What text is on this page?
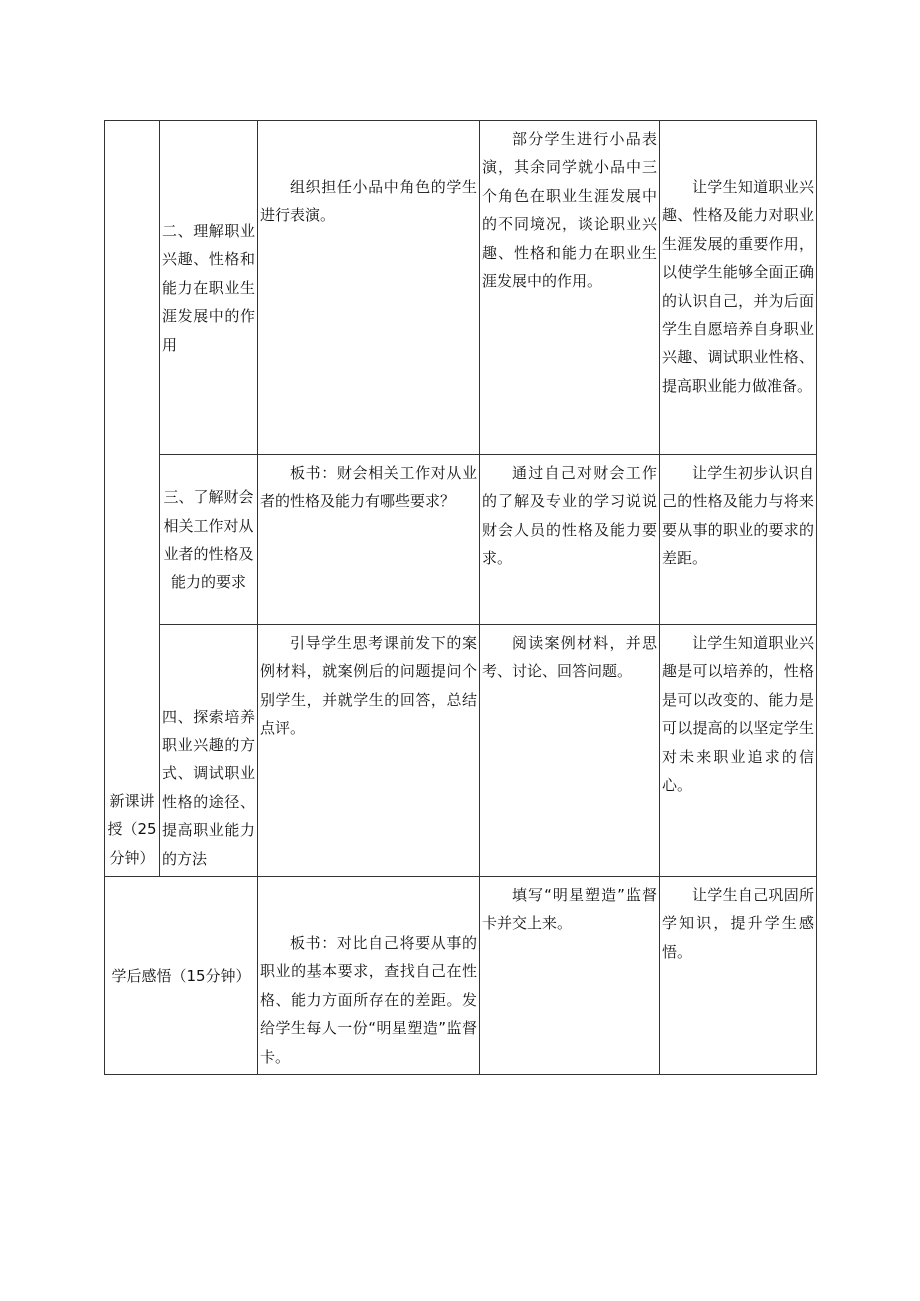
新课讲授（25分钟）	二、理解职业兴趣、性格和能力在职业生涯发展中的作用	组织担任小品中角色的学生进行表演。	部分学生进行小品表演，其余同学就小品中三个角色在职业生涯发展中的不同境况，谈论职业兴趣、性格和能力在职业生涯发展中的作用。	让学生知道职业兴趣、性格及能力对职业生涯发展的重要作用，以使学生能够全面正确的认识自己，并为后面学生自愿培养自身职业兴趣、调试职业性格、提高职业能力做准备。

	三、了解财会相关工作对从业者的性格及能力的要求	板书：财会相关工作对从业者的性格及能力有哪些要求？	通过自己对财会工作的了解及专业的学习说说财会人员的性格及能力要求。	让学生初步认识自己的性格及能力与将来要从事的职业的要求的差距。

	四、探索培养职业兴趣的方式、调试职业性格的途径、提高职业能力的方法	引导学生思考课前发下的案例材料，就案例后的问题提问个别学生，并就学生的回答，总结点评。	阅读案例材料，并思考、讨论、回答问题。	让学生知道职业兴趣是可以培养的，性格是可以改变的、能力是可以提高的以坚定学生对未来职业追求的信心。

学后感悟（15分钟）		板书：对比自己将要从事的职业的基本要求，查找自己在性格、能力方面所存在的差距。发给学生每人一份“明星塑造”监督卡。	填写“明星塑造”监督卡并交上来。	让学生自己巩固所学知识，提升学生感悟。
